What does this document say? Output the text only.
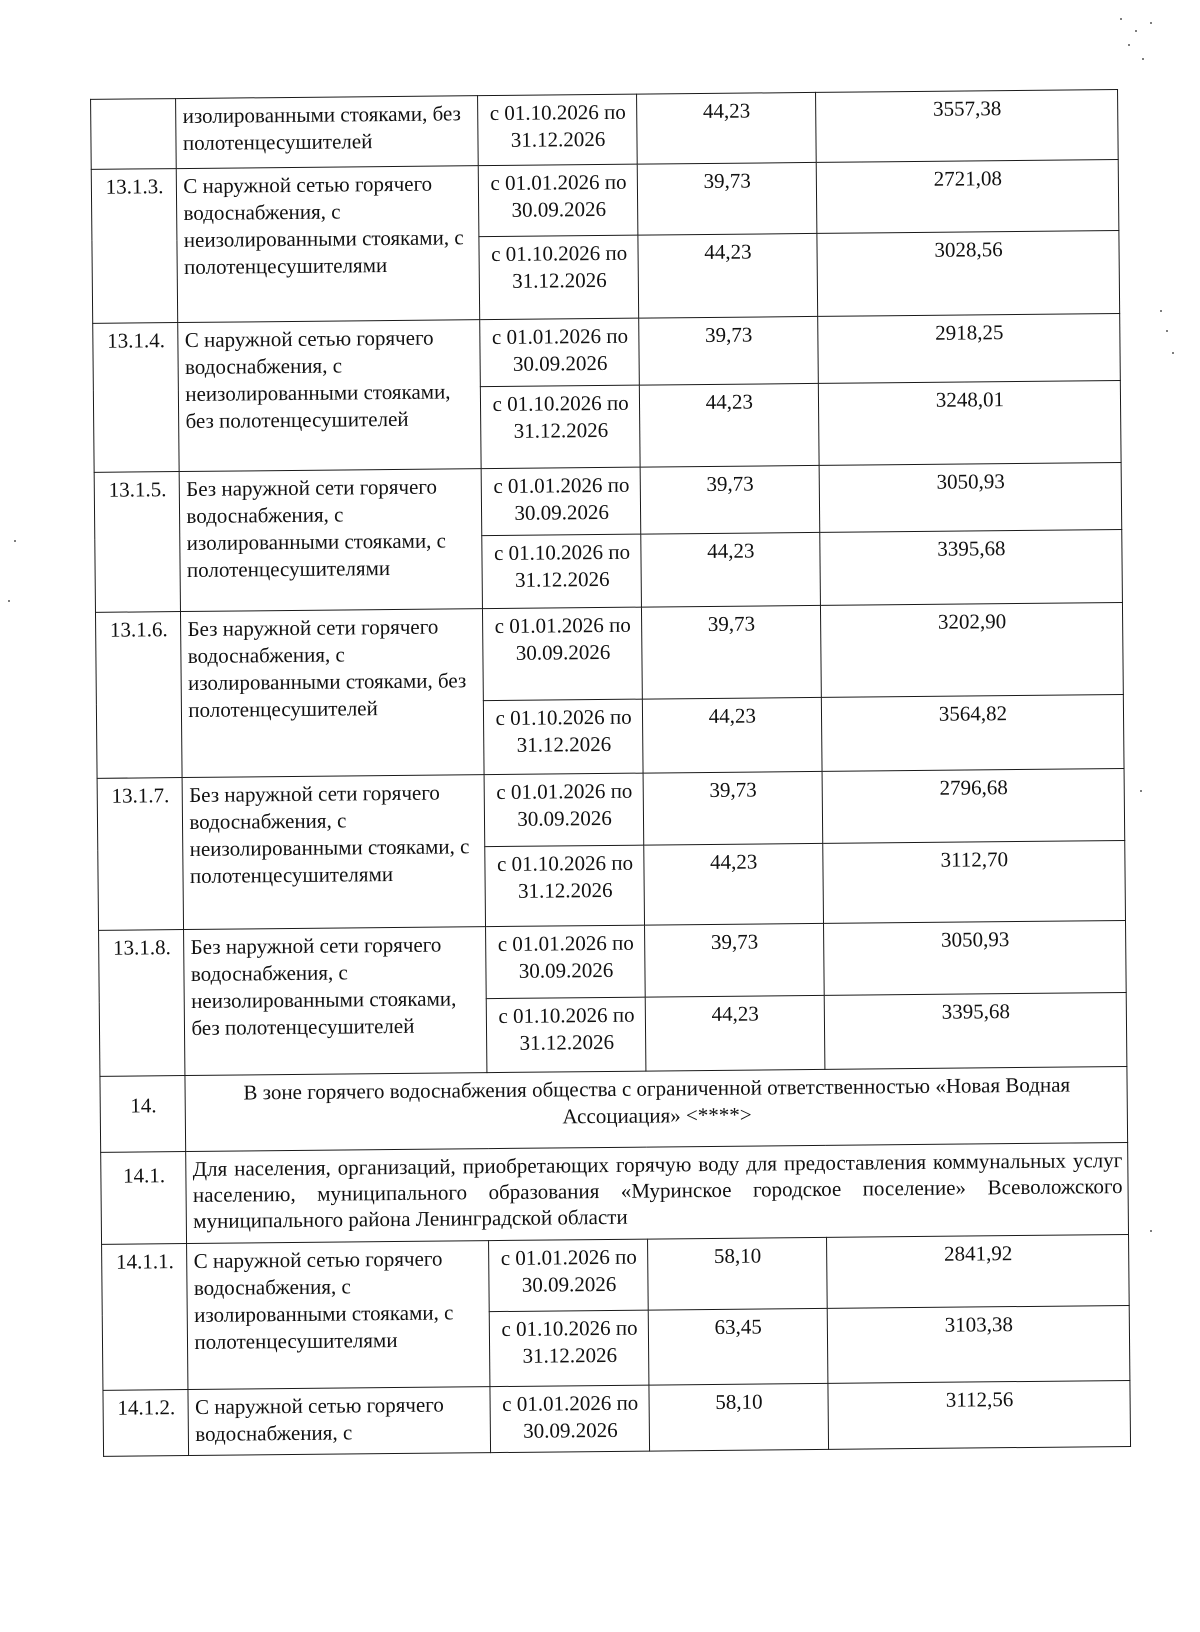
	изолированными стояками, без полотенцесушителей	с 01.10.2026 по 31.12.2026	44,23	3557,38
13.1.3.	С наружной сетью горячего водоснабжения, с неизолированными стояками, с полотенцесушителями	с 01.01.2026 по 30.09.2026	39,73	2721,08
		с 01.10.2026 по 31.12.2026	44,23	3028,56
13.1.4.	С наружной сетью горячего водоснабжения, с неизолированными стояками, без полотенцесушителей	с 01.01.2026 по 30.09.2026	39,73	2918,25
		с 01.10.2026 по 31.12.2026	44,23	3248,01
13.1.5.	Без наружной сети горячего водоснабжения, с изолированными стояками, с полотенцесушителями	с 01.01.2026 по 30.09.2026	39,73	3050,93
		с 01.10.2026 по 31.12.2026	44,23	3395,68
13.1.6.	Без наружной сети горячего водоснабжения, с изолированными стояками, без полотенцесушителей	с 01.01.2026 по 30.09.2026	39,73	3202,90
		с 01.10.2026 по 31.12.2026	44,23	3564,82
13.1.7.	Без наружной сети горячего водоснабжения, с неизолированными стояками, с полотенцесушителями	с 01.01.2026 по 30.09.2026	39,73	2796,68
		с 01.10.2026 по 31.12.2026	44,23	3112,70
13.1.8.	Без наружной сети горячего водоснабжения, с неизолированными стояками, без полотенцесушителей	с 01.01.2026 по 30.09.2026	39,73	3050,93
		с 01.10.2026 по 31.12.2026	44,23	3395,68
14.	В зоне горячего водоснабжения общества с ограниченной ответственностью «Новая Водная Ассоциация» <****>			
14.1.	Для населения, организаций, приобретающих горячую воду для предоставления коммунальных услуг населению, муниципального образования «Муринское городское поселение» Всеволожского муниципального района Ленинградской области			
14.1.1.	С наружной сетью горячего водоснабжения, с изолированными стояками, с полотенцесушителями	с 01.01.2026 по 30.09.2026	58,10	2841,92
		с 01.10.2026 по 31.12.2026	63,45	3103,38
14.1.2.	С наружной сетью горячего водоснабжения, с	с 01.01.2026 по 30.09.2026	58,10	3112,56
